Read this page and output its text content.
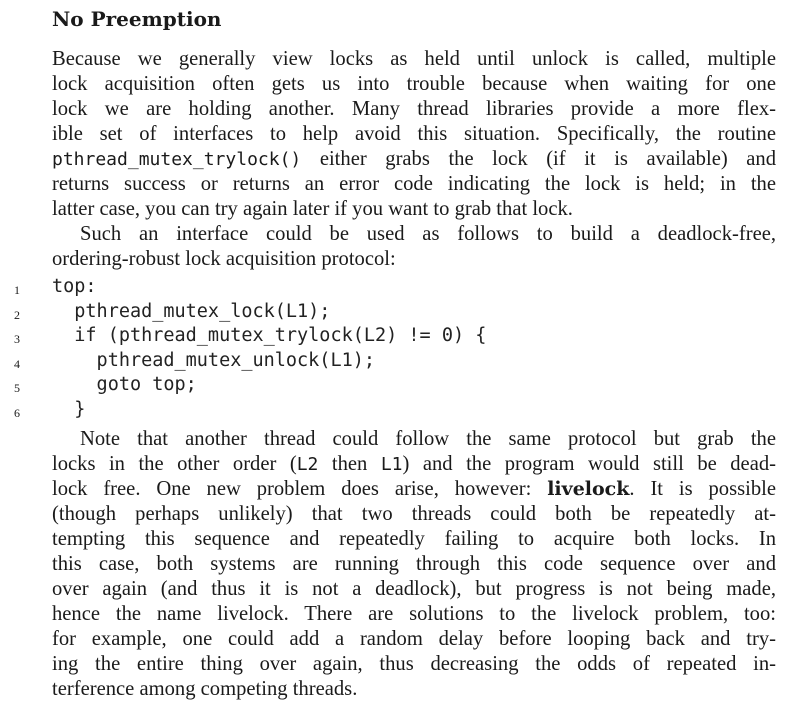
No Preemption
Because we generally view locks as held until unlock is called, multiple
lock acquisition often gets us into trouble because when waiting for one
lock we are holding another. Many thread libraries provide a more flex-
ible set of interfaces to help avoid this situation. Specifically, the routine
pthread_mutex_trylock() either grabs the lock (if it is available) and
returns success or returns an error code indicating the lock is held; in the
latter case, you can try again later if you want to grab that lock.
Such an interface could be used as follows to build a deadlock-free,
ordering-robust lock acquisition protocol:
1 top:
2 pthread_mutex_lock(L1);
3 if (pthread_mutex_trylock(L2) != 0) {
4 pthread_mutex_unlock(L1);
5 goto top;
6 }
Note that another thread could follow the same protocol but grab the
locks in the other order (L2 then L1) and the program would still be dead-
lock free. One new problem does arise, however: livelock. It is possible
(though perhaps unlikely) that two threads could both be repeatedly at-
tempting this sequence and repeatedly failing to acquire both locks. In
this case, both systems are running through this code sequence over and
over again (and thus it is not a deadlock), but progress is not being made,
hence the name livelock. There are solutions to the livelock problem, too:
for example, one could add a random delay before looping back and try-
ing the entire thing over again, thus decreasing the odds of repeated in-
terference among competing threads.
